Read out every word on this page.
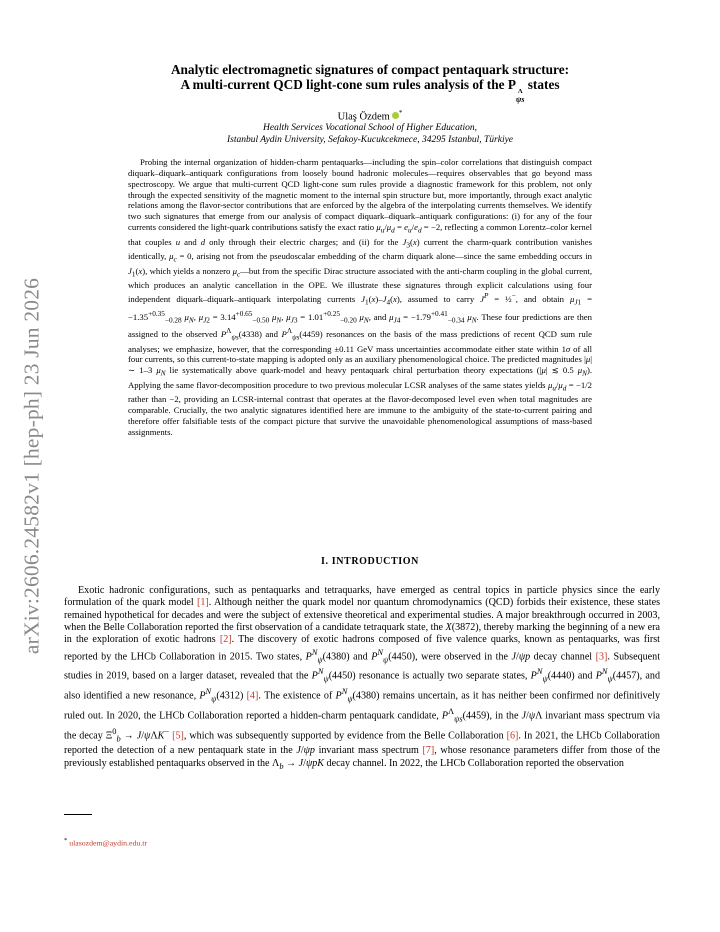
arXiv:2606.24582v1 [hep-ph] 23 Jun 2026
Analytic electromagnetic signatures of compact pentaquark structure:
A multi-current QCD light-cone sum rules analysis of the P Λ
ψs
states
Ulaş Özdem *
Health Services Vocational School of Higher Education,
Istanbul Aydin University, Sefakoy-Kucukcekmece, 34295 Istanbul, Türkiye

Probing the internal organization of hidden-charm pentaquarks—including the spin–color correlations that distinguish compact diquark–diquark–antiquark configurations from loosely bound hadronic molecules—requires observables that go beyond mass spectroscopy. We argue that multi-current QCD light-cone sum rules provide a diagnostic framework for this problem, not only through the expected sensitivity of the magnetic moment to the internal spin structure but, more importantly, through exact analytic relations among the flavor-sector contributions that are enforced by the algebra of the interpolating currents themselves. We identify two such signatures that emerge from our analysis of compact diquark–diquark–antiquark configurations: (i) for any of the four currents considered the light-quark contributions satisfy the exact ratio $\mu_u/\mu_d = e_u/e_d = -2$, reflecting a common Lorentz–color kernel that couples u and d only through their electric charges; and (ii) for the $J_3(x)$ current the charm-quark contribution vanishes identically, $\mu_c = 0$, arising not from the pseudoscalar embedding of the charm diquark alone—since the same embedding occurs in $J_1(x)$, which yields a nonzero $\mu_c—but$ from the specific Dirac structure associated with the anti-charm coupling in the global current, which produces an analytic cancellation in the OPE. We illustrate these signatures through explicit calculations using four independent diquark–diquark–antiquark interpolating currents $J_1(x)-J_4(x)$, assumed to carry $J^P$ = ½−, and obtain $\mu_{J1} = -1.35^{+0.35}_{-0.28}$ $\mu_N$, $\mu_{J2} = 3.14^{+0.65}_{-0.50}$ $\mu_N$, $\mu_{J3} = 1.01^{+0.25}_{-0.20}$ $\mu_N$, and $\mu_{J4} = -1.79^{+0.41}_{-0.34}$ $\mu_N$. These four predictions are then assigned to the observed $P^\Lambda_{\psi s}(4338)$ and $P^\Lambda_{\psi s}(4459)$ resonances on the basis of the mass predictions of recent QCD sum rule analyses; we emphasize, however, that the corresponding ±0.11 GeV mass uncertainties accommodate either state within 1σ of all four currents, so this current-to-state mapping is adopted only as an auxiliary phenomenological choice. The predicted magnitudes |μ| ∼ 1–3 $\mu_N$ lie systematically above quark-model and heavy pentaquark chiral perturbation theory expectations (|μ| ≲ 0.5 $\mu_N$). Applying the same flavor-decomposition procedure to two previous molecular LCSR analyses of the same states yields $\mu_u/\mu_d = -1/2$ rather than −2, providing an LCSR-internal contrast that operates at the flavor-decomposed level even when total magnitudes are comparable. Crucially, the two analytic signatures identified here are immune to the ambiguity of the state-to-current pairing and therefore offer falsifiable tests of the compact picture that survive the unavoidable phenomenological assumptions of mass-based assignments.

I. INTRODUCTION

Exotic hadronic configurations, such as pentaquarks and tetraquarks, have emerged as central topics in particle physics since the early formulation of the quark model [1]. Although neither the quark model nor quantum chromodynamics (QCD) forbids their existence, these states remained hypothetical for decades and were the subject of extensive theoretical and experimental studies. A major breakthrough occurred in 2003, when the Belle Collaboration reported the first observation of a candidate tetraquark state, the X(3872), thereby marking the beginning of a new era in the exploration of exotic hadrons [2]. The discovery of exotic hadrons composed of five valence quarks, known as pentaquarks, was first reported by the LHCb Collaboration in 2015. Two states, $P^N_\psi(4380)$ and $P^N_\psi(4450)$, were observed in the J/ψp decay channel [3]. Subsequent studies in 2019, based on a larger dataset, revealed that the $P^N_\psi(4450)$ resonance is actually two separate states, $P^N_\psi(4440)$ and $P^N_\psi(4457)$, and also identified a new resonance, $P^N_\psi(4312)$ [4]. The existence of $P^N_\psi(4380)$ remains uncertain, as it has neither been confirmed nor definitively ruled out. In 2020, the LHCb Collaboration reported a hidden-charm pentaquark candidate, $P^\Lambda_{\psi s}(4459)$, in the J/ψΛ invariant mass spectrum via the decay $\Xi^0_b \to J/\psi\Lambda K^-$ [5], which was subsequently supported by evidence from the Belle Collaboration [6]. In 2021, the LHCb Collaboration reported the detection of a new pentaquark state in the J/ψp invariant mass spectrum [7], whose resonance parameters differ from those of the previously established pentaquarks observed in the $\Lambda_b \to J/\psi pK$ decay channel. In 2022, the LHCb Collaboration reported the observation

* ulasozdem@aydin.edu.tr
